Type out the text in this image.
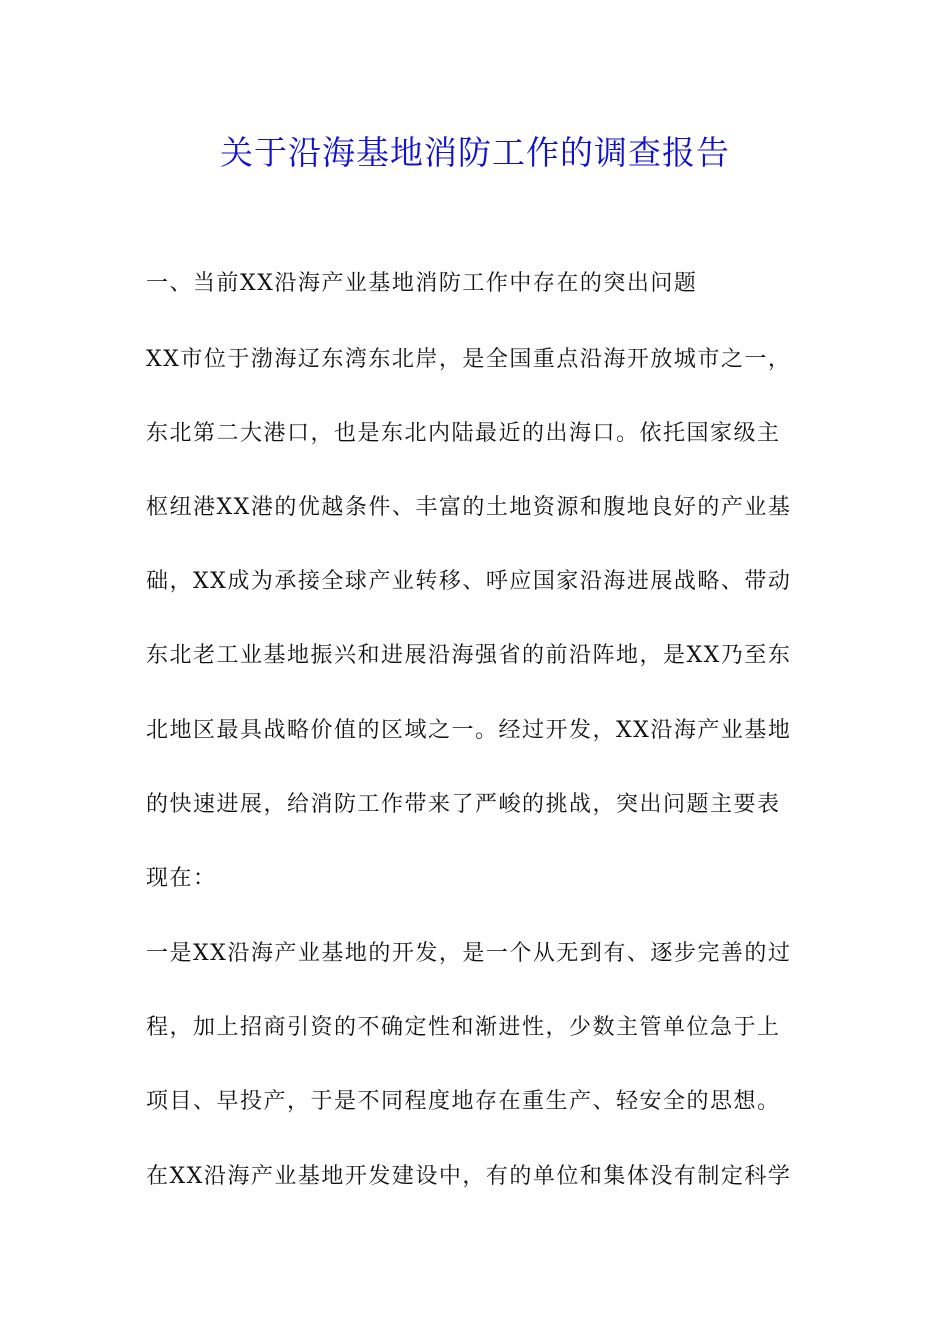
关于沿海基地消防工作的调查报告
一、当前XX沿海产业基地消防工作中存在的突出问题
XX市位于渤海辽东湾东北岸，是全国重点沿海开放城市之一，
东北第二大港口，也是东北内陆最近的出海口。依托国家级主
枢纽港XX港的优越条件、丰富的土地资源和腹地良好的产业基
础，XX成为承接全球产业转移、呼应国家沿海进展战略、带动
东北老工业基地振兴和进展沿海强省的前沿阵地，是XX乃至东
北地区最具战略价值的区域之一。经过开发，XX沿海产业基地
的快速进展，给消防工作带来了严峻的挑战，突出问题主要表
现在：
一是XX沿海产业基地的开发，是一个从无到有、逐步完善的过
程，加上招商引资的不确定性和渐进性，少数主管单位急于上
项目、早投产，于是不同程度地存在重生产、轻安全的思想。
在XX沿海产业基地开发建设中，有的单位和集体没有制定科学
